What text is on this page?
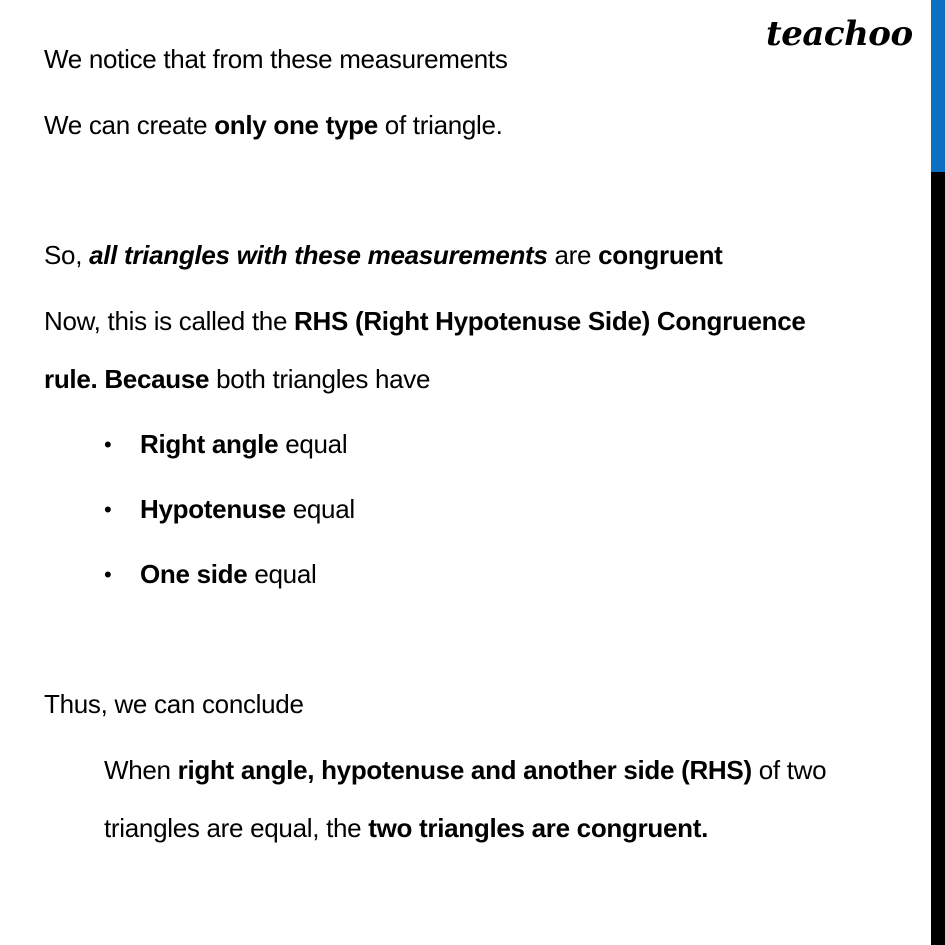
teachoo
We notice that from these measurements
We can create only one type of triangle.
So, all triangles with these measurements are congruent
Now, this is called the RHS (Right Hypotenuse Side) Congruence
rule. Because both triangles have
• Right angle equal
• Hypotenuse equal
• One side equal
Thus, we can conclude
When right angle, hypotenuse and another side (RHS) of two
triangles are equal, the two triangles are congruent.
